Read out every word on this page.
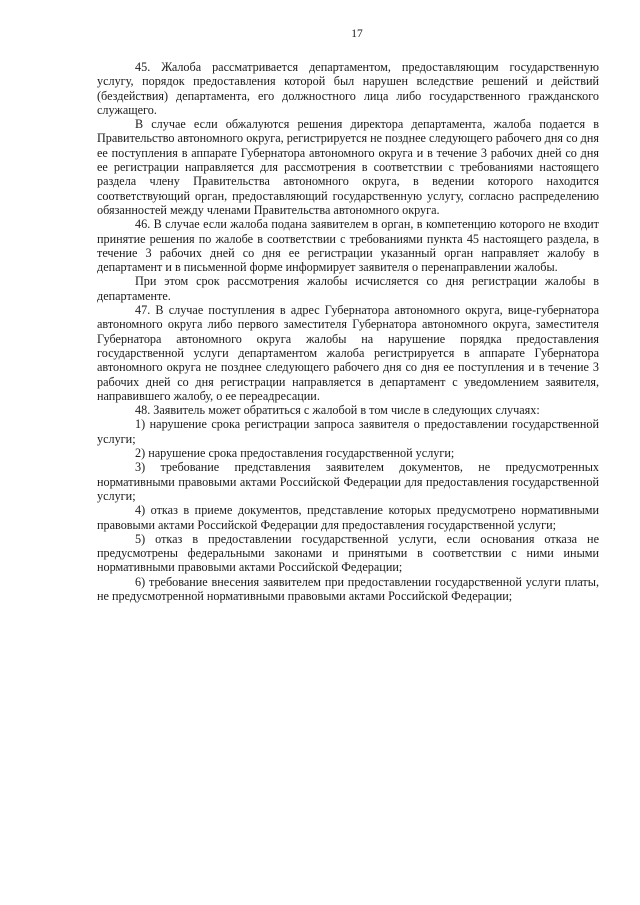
17

45. Жалоба рассматривается департаментом, предоставляющим государственную услугу, порядок предоставления которой был нарушен вследствие решений и действий (бездействия) департамента, его должностного лица либо государственного гражданского служащего.

В случае если обжалуются решения директора департамента, жалоба подается в Правительство автономного округа, регистрируется не позднее следующего рабочего дня со дня ее поступления в аппарате Губернатора автономного округа и в течение 3 рабочих дней со дня ее регистрации направляется для рассмотрения в соответствии с требованиями настоящего раздела члену Правительства автономного округа, в ведении которого находится соответствующий орган, предоставляющий государственную услугу, согласно распределению обязанностей между членами Правительства автономного округа.

46. В случае если жалоба подана заявителем в орган, в компетенцию которого не входит принятие решения по жалобе в соответствии с требованиями пункта 45 настоящего раздела, в течение 3 рабочих дней со дня ее регистрации указанный орган направляет жалобу в департамент и в письменной форме информирует заявителя о перенаправлении жалобы.

При этом срок рассмотрения жалобы исчисляется со дня регистрации жалобы в департаменте.

47. В случае поступления в адрес Губернатора автономного округа, вице-губернатора автономного округа либо первого заместителя Губернатора автономного округа, заместителя Губернатора автономного округа жалобы на нарушение порядка предоставления государственной услуги департаментом жалоба регистрируется в аппарате Губернатора автономного округа не позднее следующего рабочего дня со дня ее поступления и в течение 3 рабочих дней со дня регистрации направляется в департамент с уведомлением заявителя, направившего жалобу, о ее переадресации.

48. Заявитель может обратиться с жалобой в том числе в следующих случаях:

1) нарушение срока регистрации запроса заявителя о предоставлении государственной услуги;

2) нарушение срока предоставления государственной услуги;

3) требование представления заявителем документов, не предусмотренных нормативными правовыми актами Российской Федерации для предоставления государственной услуги;

4) отказ в приеме документов, представление которых предусмотрено нормативными правовыми актами Российской Федерации для предоставления государственной услуги;

5) отказ в предоставлении государственной услуги, если основания отказа не предусмотрены федеральными законами и принятыми в соответствии с ними иными нормативными правовыми актами Российской Федерации;

6) требование внесения заявителем при предоставлении государственной услуги платы, не предусмотренной нормативными правовыми актами Российской Федерации;
